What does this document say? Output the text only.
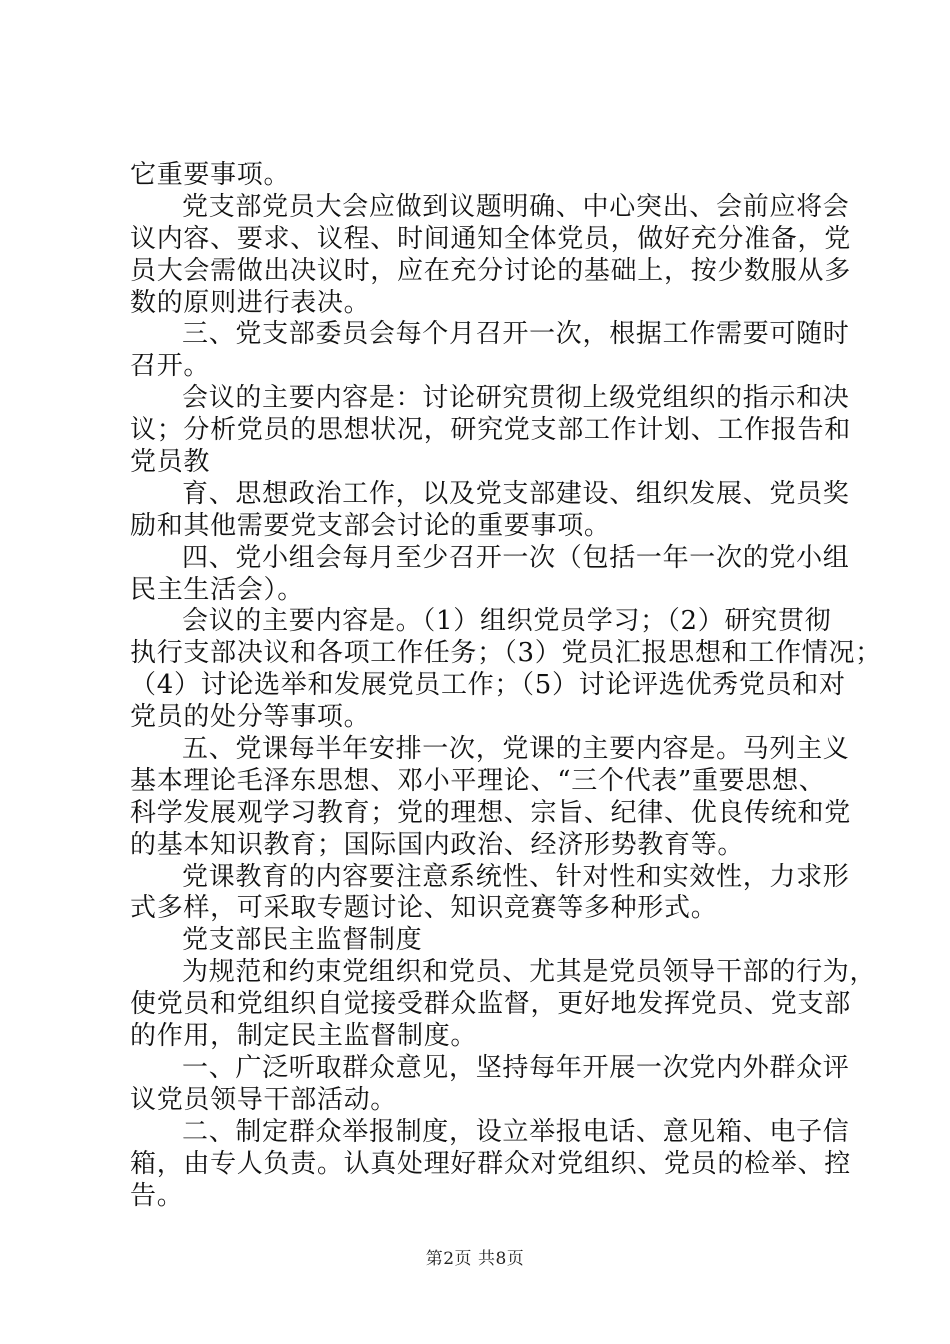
它重要事项。
党支部党员大会应做到议题明确、中心突出、会前应将会
议内容、要求、议程、时间通知全体党员，做好充分准备，党
员大会需做出决议时，应在充分讨论的基础上，按少数服从多
数的原则进行表决。
三、党支部委员会每个月召开一次，根据工作需要可随时
召开。
会议的主要内容是：讨论研究贯彻上级党组织的指示和决
议；分析党员的思想状况，研究党支部工作计划、工作报告和
党员教
育、思想政治工作，以及党支部建设、组织发展、党员奖
励和其他需要党支部会讨论的重要事项。
四、党小组会每月至少召开一次（包括一年一次的党小组
民主生活会）。
会议的主要内容是。（1）组织党员学习；（2）研究贯彻
执行支部决议和各项工作任务；（3）党员汇报思想和工作情况；
（4）讨论选举和发展党员工作；（5）讨论评选优秀党员和对
党员的处分等事项。
五、党课每半年安排一次，党课的主要内容是。马列主义
基本理论毛泽东思想、邓小平理论、“三个代表”重要思想、
科学发展观学习教育；党的理想、宗旨、纪律、优良传统和党
的基本知识教育；国际国内政治、经济形势教育等。
党课教育的内容要注意系统性、针对性和实效性，力求形
式多样，可采取专题讨论、知识竞赛等多种形式。
党支部民主监督制度
为规范和约束党组织和党员、尤其是党员领导干部的行为，
使党员和党组织自觉接受群众监督，更好地发挥党员、党支部
的作用，制定民主监督制度。
一、广泛听取群众意见，坚持每年开展一次党内外群众评
议党员领导干部活动。
二、制定群众举报制度，设立举报电话、意见箱、电子信
箱，由专人负责。认真处理好群众对党组织、党员的检举、控
告。
第2页 共8页
